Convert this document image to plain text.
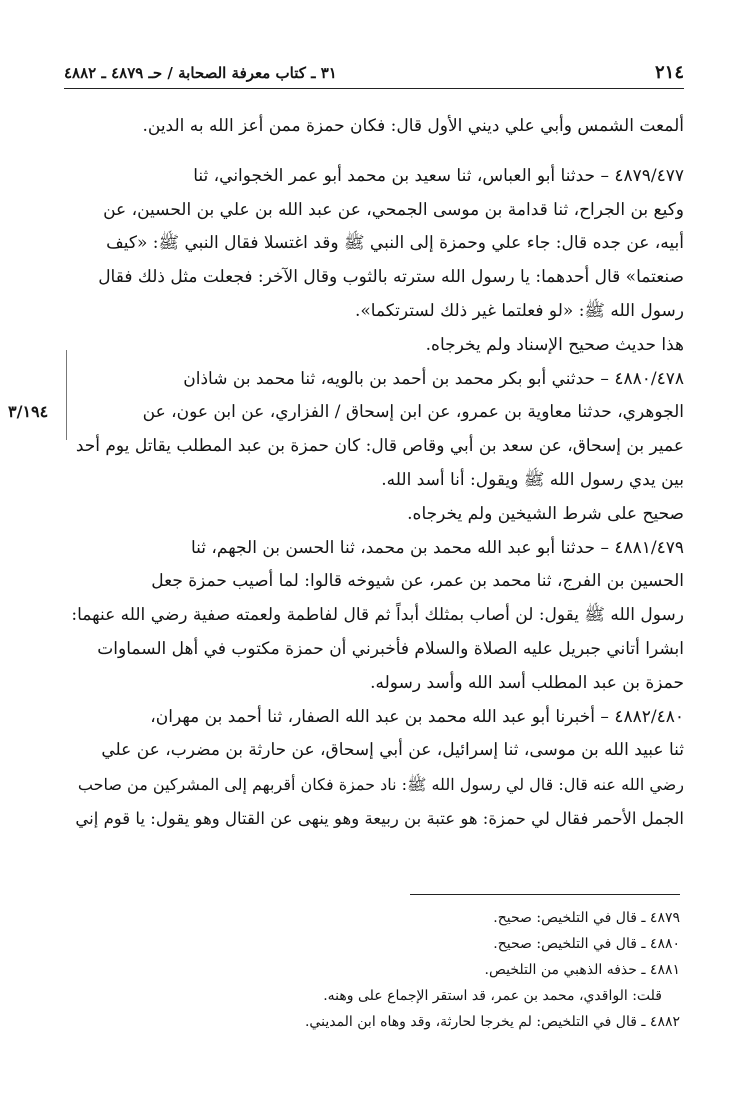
٢١٤
٣١ ـ كتاب معرفة الصحابة / حـ ٤٨٧٩ ـ ٤٨٨٢
٣/١٩٤
ألمعت الشمس وأبي علي ديني الأول قال: فكان حمزة ممن أعز الله به الدين.
٤٨٧٩/٤٧٧ – حدثنا أبو العباس، ثنا سعيد بن محمد أبو عمر الخجواني، ثنا
وكيع بن الجراح، ثنا قدامة بن موسى الجمحي، عن عبد الله بن علي بن الحسين، عن
أبيه، عن جده قال: جاء علي وحمزة إلى النبي ﷺ وقد اغتسلا فقال النبي ﷺ: «كيف
صنعتما» قال أحدهما: يا رسول الله سترته بالثوب وقال الآخر: فجعلت مثل ذلك فقال
رسول الله ﷺ: «لو فعلتما غير ذلك لسترتكما».
هذا حديث صحيح الإسناد ولم يخرجاه.
٤٨٨٠/٤٧٨ – حدثني أبو بكر محمد بن أحمد بن بالويه، ثنا محمد بن شاذان
الجوهري، حدثنا معاوية بن عمرو، عن ابن إسحاق / الفزاري، عن ابن عون، عن
عمير بن إسحاق، عن سعد بن أبي وقاص قال: كان حمزة بن عبد المطلب يقاتل يوم أحد
بين يدي رسول الله ﷺ ويقول: أنا أسد الله.
صحيح على شرط الشيخين ولم يخرجاه.
٤٨٨١/٤٧٩ – حدثنا أبو عبد الله محمد بن محمد، ثنا الحسن بن الجهم، ثنا
الحسين بن الفرج، ثنا محمد بن عمر، عن شيوخه قالوا: لما أصيب حمزة جعل
رسول الله ﷺ يقول: لن أصاب بمثلك أبداً ثم قال لفاطمة ولعمته صفية رضي الله عنهما:
ابشرا أتاني جبريل عليه الصلاة والسلام فأخبرني أن حمزة مكتوب في أهل السماوات
حمزة بن عبد المطلب أسد الله وأسد رسوله.
٤٨٨٢/٤٨٠ – أخبرنا أبو عبد الله محمد بن عبد الله الصفار، ثنا أحمد بن مهران،
ثنا عبيد الله بن موسى، ثنا إسرائيل، عن أبي إسحاق، عن حارثة بن مضرب، عن علي
رضي الله عنه قال: قال لي رسول الله ﷺ: ناد حمزة فكان أقربهم إلى المشركين من صاحب
الجمل الأحمر فقال لي حمزة: هو عتبة بن ربيعة وهو ينهى عن القتال وهو يقول: يا قوم إني
٤٨٧٩ ـ قال في التلخيص: صحيح.
٤٨٨٠ ـ قال في التلخيص: صحيح.
٤٨٨١ ـ حذفه الذهبي من التلخيص.
قلت: الواقدي، محمد بن عمر، قد استقر الإجماع على وهنه.
٤٨٨٢ ـ قال في التلخيص: لم يخرجا لحارثة، وقد وهاه ابن المديني.
